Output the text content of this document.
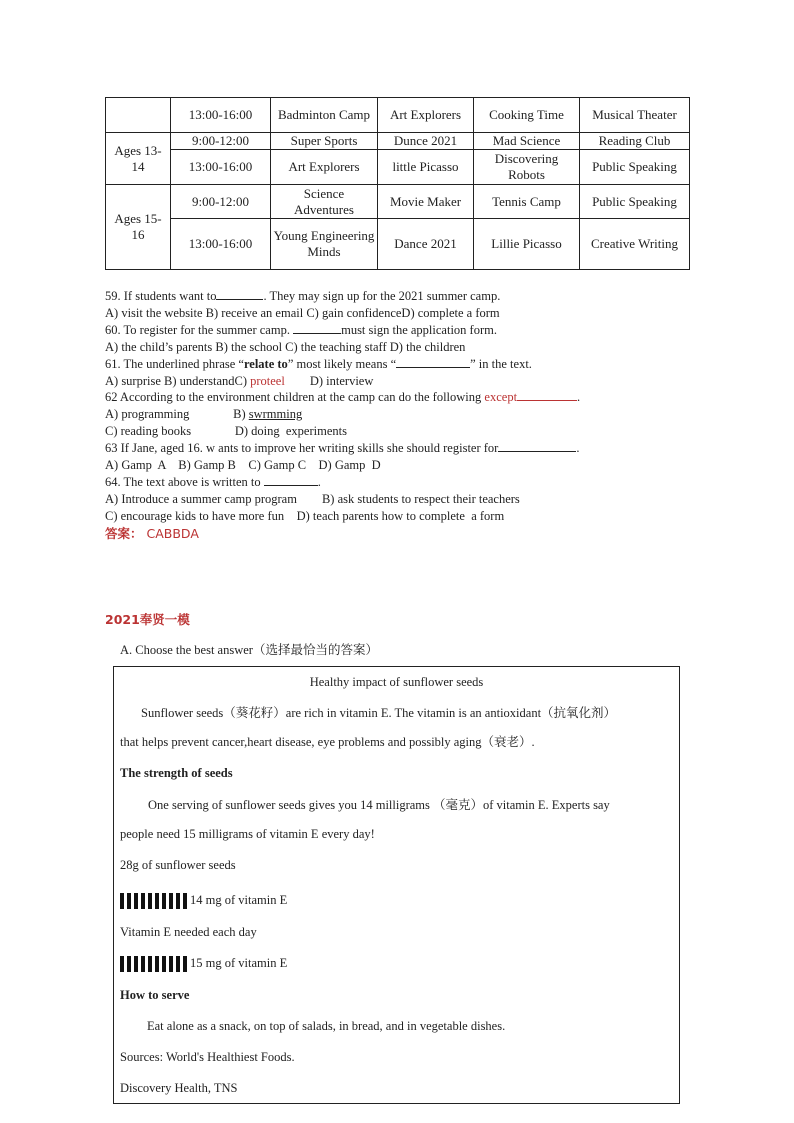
	13:00-16:00	Badminton Camp	Art Explorers	Cooking Time	Musical Theater
Ages 13-14	9:00-12:00	Super Sports	Dunce 2021	Mad Science	Reading Club
	13:00-16:00	Art Explorers	little Picasso	Discovering Robots	Public Speaking
Ages 15-16	9:00-12:00	Science Adventures	Movie Maker	Tennis Camp	Public Speaking
	13:00-16:00	Young Engineering Minds	Dance 2021	Lillie Picasso	Creative Writing
59. If students want to	. They may sign up for the 2021 summer camp.
A) visit the website B) receive an email C) gain confidenceD) complete a form
60. To register for the summer camp.	must sign the application form.
A) the child’s parents B) the school C) the teaching staff D) the children
61. The underlined phrase “relate to” most likely means “	” in the text.
A) surprise B) understandC) proteel        D) interview
62 According to the environment children at the camp can do the following except	.
A) programming              B) swrmming
C) reading books              D) doing  experiments
63 If Jane, aged 16. w ants to improve her writing skills she should register for	.
A) Gamp  A    B) Gamp B    C) Gamp C    D) Gamp  D
64. The text above is written to	.
A) Introduce a summer camp program        B) ask students to respect their teachers
C) encourage kids to have more fun    D) teach parents how to complete  a form
答案： CABBDA
2021奉贤一模
A. Choose the best answer（选择最恰当的答案）
Healthy impact of sunflower seeds
Sunflower seeds（葵花籽）are rich in vitamin E. The vitamin is an antioxidant（抗氧化剂）
that helps prevent cancer,heart disease, eye problems and possibly aging（衰老）.
The strength of seeds
One serving of sunflower seeds gives you 14 milligrams （毫克）of vitamin E. Experts say
people need 15 milligrams of vitamin E every day!
28g of sunflower seeds
14 mg of vitamin E
Vitamin E needed each day
15 mg of vitamin E
How to serve
Eat alone as a snack, on top of salads, in bread, and in vegetable dishes.
Sources: World's Healthiest Foods.
Discovery Health, TNS
